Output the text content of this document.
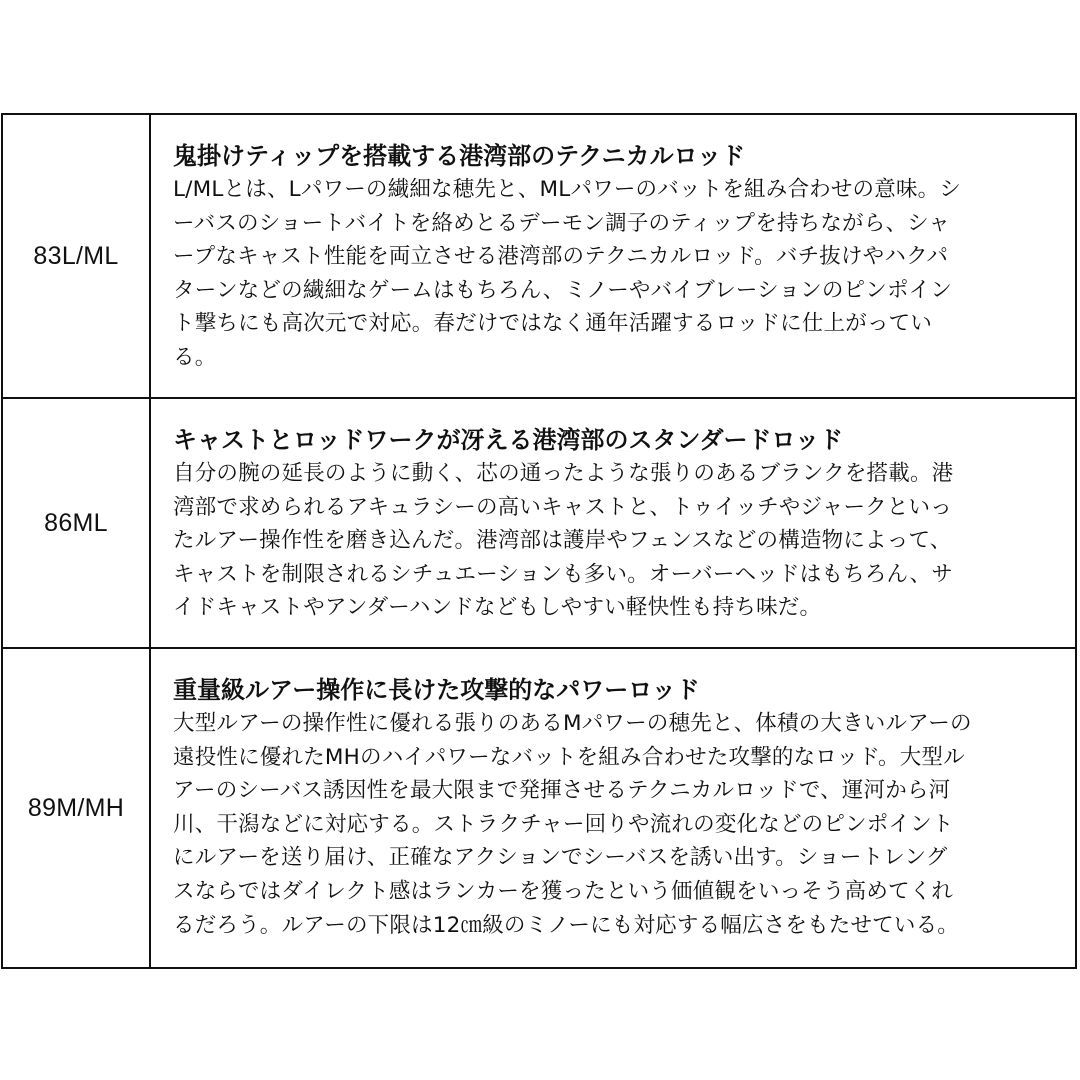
83L/ML

鬼掛けティップを搭載する港湾部のテクニカルロッド

L/MLとは、Lパワーの繊細な穂先と、MLパワーのバットを組み合わせの意味。シ
ーバスのショートバイトを絡めとるデーモン調子のティップを持ちながら、シャ
ープなキャスト性能を両立させる港湾部のテクニカルロッド。バチ抜けやハクパ
ターンなどの繊細なゲームはもちろん、ミノーやバイブレーションのピンポイン
ト撃ちにも高次元で対応。春だけではなく通年活躍するロッドに仕上がってい
る。

86ML

キャストとロッドワークが冴える港湾部のスタンダードロッド

自分の腕の延長のように動く、芯の通ったような張りのあるブランクを搭載。港
湾部で求められるアキュラシーの高いキャストと、トゥイッチやジャークといっ
たルアー操作性を磨き込んだ。港湾部は護岸やフェンスなどの構造物によって、
キャストを制限されるシチュエーションも多い。オーバーヘッドはもちろん、サ
イドキャストやアンダーハンドなどもしやすい軽快性も持ち味だ。

89M/MH

重量級ルアー操作に長けた攻撃的なパワーロッド

大型ルアーの操作性に優れる張りのあるMパワーの穂先と、体積の大きいルアーの
遠投性に優れたMHのハイパワーなバットを組み合わせた攻撃的なロッド。大型ル
アーのシーバス誘因性を最大限まで発揮させるテクニカルロッドで、運河から河
川、干潟などに対応する。ストラクチャー回りや流れの変化などのピンポイント
にルアーを送り届け、正確なアクションでシーバスを誘い出す。ショートレング
スならではダイレクト感はランカーを獲ったという価値観をいっそう高めてくれ
るだろう。ルアーの下限は12㎝級のミノーにも対応する幅広さをもたせている。
